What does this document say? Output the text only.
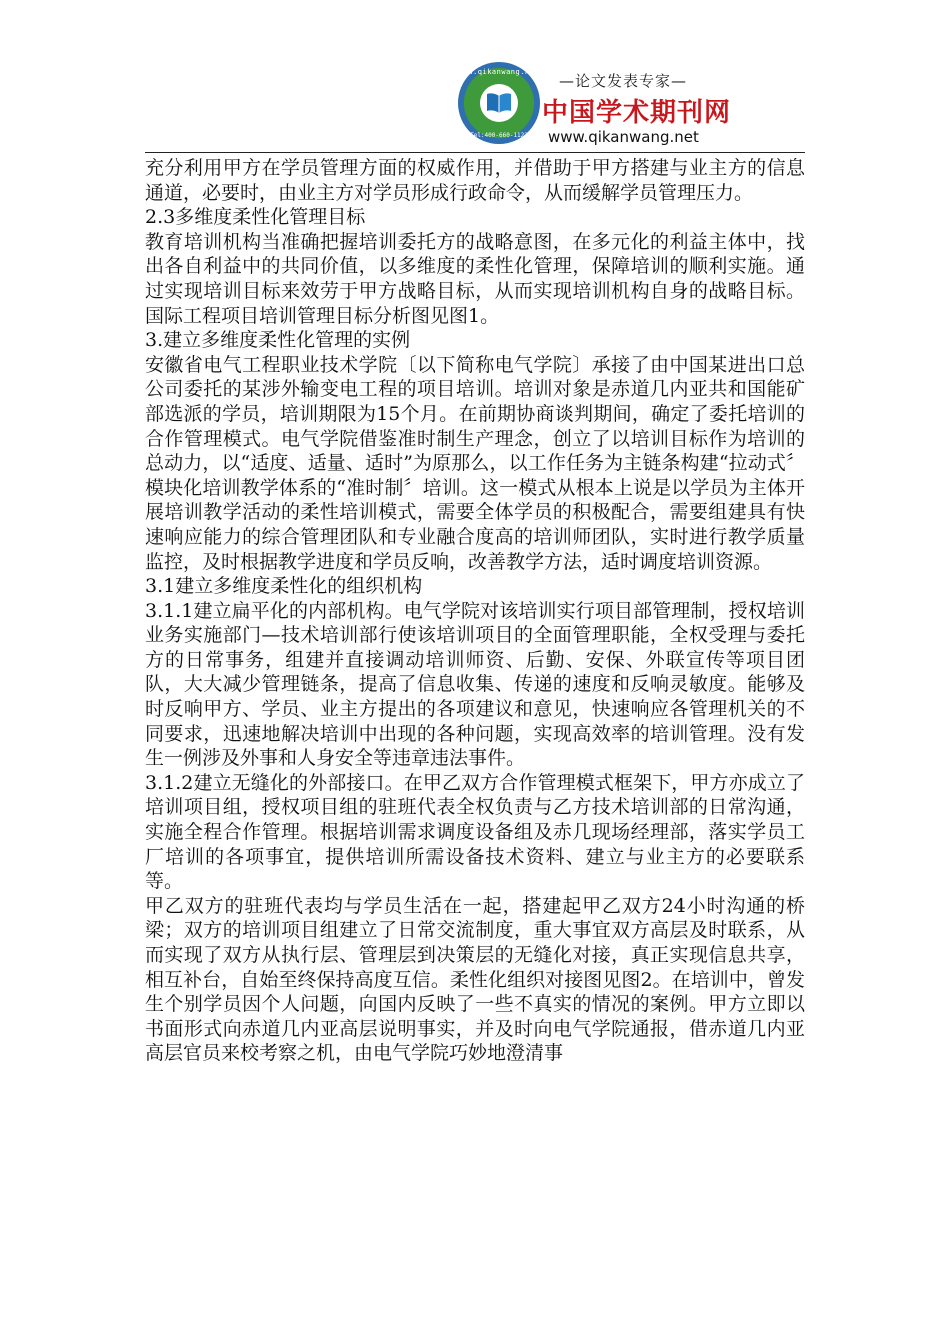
www.qikanwang.net
Tel:400-660-1122
—论文发表专家—
中国学术期刊网
www.qikanwang.net

充分利用甲方在学员管理方面的权威作用，并借助于甲方搭建与业主方的信息通道，必要时，由业主方对学员形成行政命令，从而缓解学员管理压力。

2.3多维度柔性化管理目标

教育培训机构当准确把握培训委托方的战略意图，在多元化的利益主体中，找出各自利益中的共同价值，以多维度的柔性化管理，保障培训的顺利实施。通过实现培训目标来效劳于甲方战略目标，从而实现培训机构自身的战略目标。国际工程项目培训管理目标分析图见图1。

3.建立多维度柔性化管理的实例

安徽省电气工程职业技术学院〔以下简称电气学院〕承接了由中国某进出口总公司委托的某涉外输变电工程的项目培训。培训对象是赤道几内亚共和国能矿部选派的学员，培训期限为15个月。在前期协商谈判期间，确定了委托培训的合作管理模式。电气学院借鉴准时制生产理念，创立了以培训目标作为培训的总动力，以“适度、适量、适时”为原那么，以工作任务为主链条构建“拉动式〞模块化培训教学体系的“准时制〞培训。这一模式从根本上说是以学员为主体开展培训教学活动的柔性培训模式，需要全体学员的积极配合，需要组建具有快速响应能力的综合管理团队和专业融合度高的培训师团队，实时进行教学质量监控，及时根据教学进度和学员反响，改善教学方法，适时调度培训资源。

3.1建立多维度柔性化的组织机构

3.1.1建立扁平化的内部机构。电气学院对该培训实行项目部管理制，授权培训业务实施部门—技术培训部行使该培训项目的全面管理职能，全权受理与委托方的日常事务，组建并直接调动培训师资、后勤、安保、外联宣传等项目团队，大大减少管理链条，提高了信息收集、传递的速度和反响灵敏度。能够及时反响甲方、学员、业主方提出的各项建议和意见，快速响应各管理机关的不同要求，迅速地解决培训中出现的各种问题，实现高效率的培训管理。没有发生一例涉及外事和人身安全等违章违法事件。

3.1.2建立无缝化的外部接口。在甲乙双方合作管理模式框架下，甲方亦成立了培训项目组，授权项目组的驻班代表全权负责与乙方技术培训部的日常沟通，实施全程合作管理。根据培训需求调度设备组及赤几现场经理部，落实学员工厂培训的各项事宜，提供培训所需设备技术资料、建立与业主方的必要联系等。

甲乙双方的驻班代表均与学员生活在一起，搭建起甲乙双方24小时沟通的桥梁；双方的培训项目组建立了日常交流制度，重大事宜双方高层及时联系，从而实现了双方从执行层、管理层到决策层的无缝化对接，真正实现信息共享，相互补台，自始至终保持高度互信。柔性化组织对接图见图2。在培训中，曾发生个别学员因个人问题，向国内反映了一些不真实的情况的案例。甲方立即以书面形式向赤道几内亚高层说明事实，并及时向电气学院通报，借赤道几内亚高层官员来校考察之机，由电气学院巧妙地澄清事
